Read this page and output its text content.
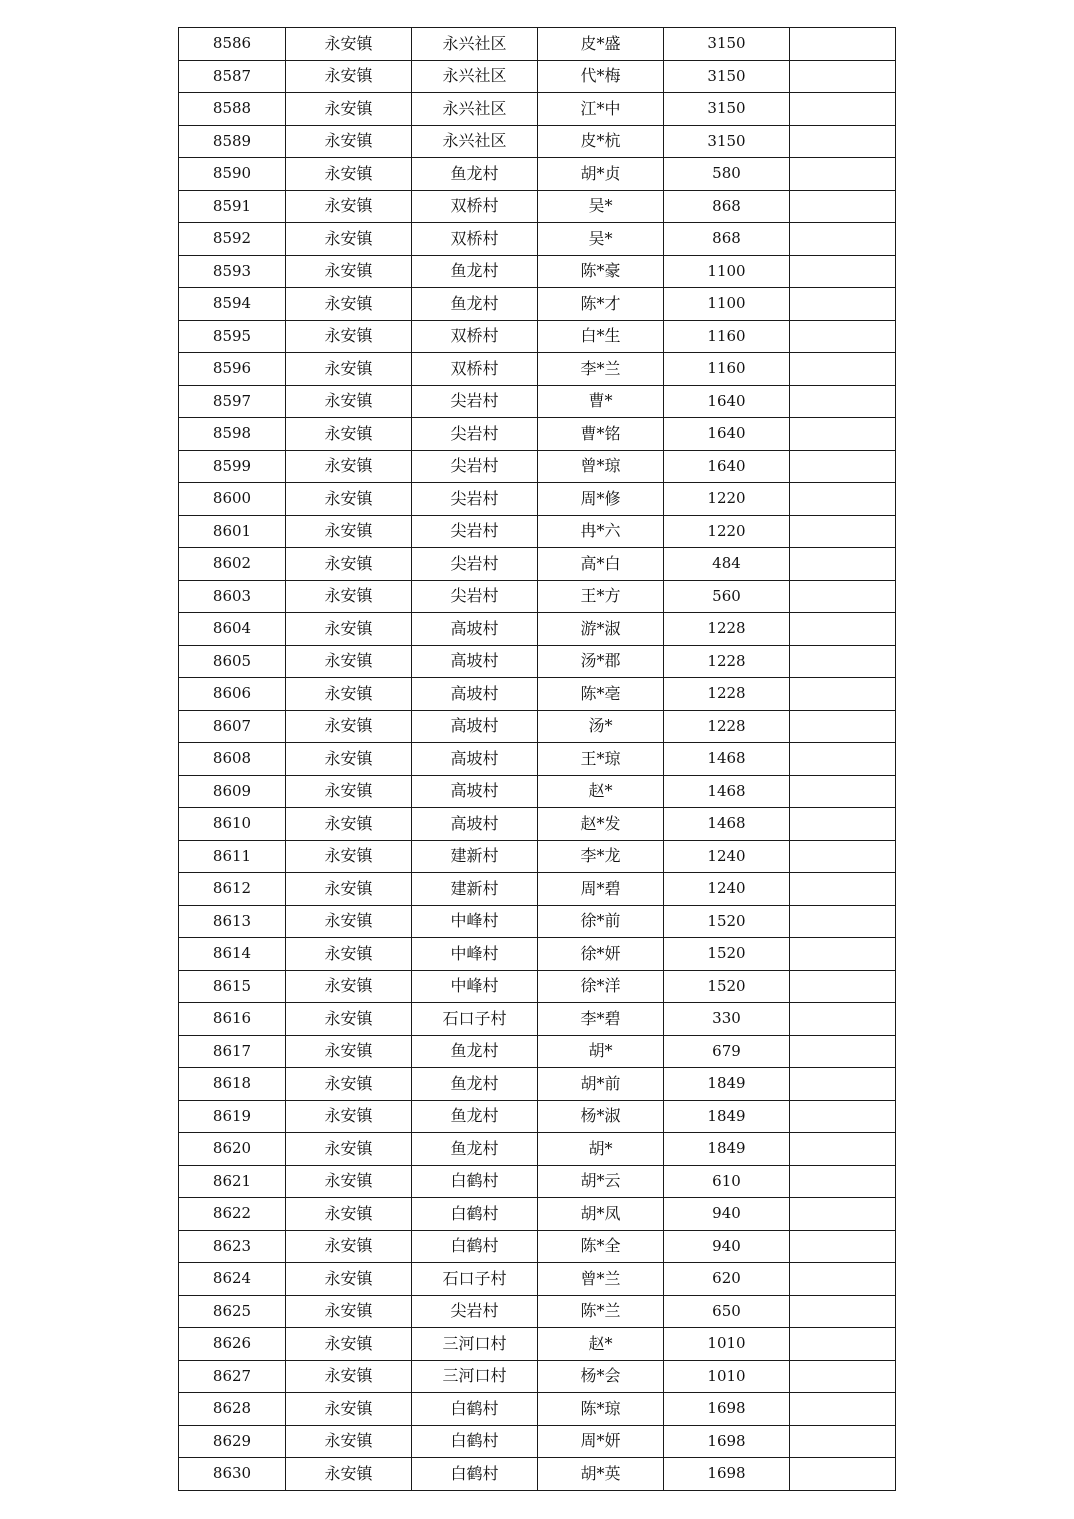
8586	永安镇	永兴社区	皮*盛	3150	
8587	永安镇	永兴社区	代*梅	3150	
8588	永安镇	永兴社区	江*中	3150	
8589	永安镇	永兴社区	皮*杭	3150	
8590	永安镇	鱼龙村	胡*贞	580	
8591	永安镇	双桥村	吴*	868	
8592	永安镇	双桥村	吴*	868	
8593	永安镇	鱼龙村	陈*豪	1100	
8594	永安镇	鱼龙村	陈*才	1100	
8595	永安镇	双桥村	白*生	1160	
8596	永安镇	双桥村	李*兰	1160	
8597	永安镇	尖岩村	曹*	1640	
8598	永安镇	尖岩村	曹*铭	1640	
8599	永安镇	尖岩村	曾*琼	1640	
8600	永安镇	尖岩村	周*修	1220	
8601	永安镇	尖岩村	冉*六	1220	
8602	永安镇	尖岩村	高*白	484	
8603	永安镇	尖岩村	王*方	560	
8604	永安镇	高坡村	游*淑	1228	
8605	永安镇	高坡村	汤*郡	1228	
8606	永安镇	高坡村	陈*亳	1228	
8607	永安镇	高坡村	汤*	1228	
8608	永安镇	高坡村	王*琼	1468	
8609	永安镇	高坡村	赵*	1468	
8610	永安镇	高坡村	赵*发	1468	
8611	永安镇	建新村	李*龙	1240	
8612	永安镇	建新村	周*碧	1240	
8613	永安镇	中峰村	徐*前	1520	
8614	永安镇	中峰村	徐*妍	1520	
8615	永安镇	中峰村	徐*洋	1520	
8616	永安镇	石口子村	李*碧	330	
8617	永安镇	鱼龙村	胡*	679	
8618	永安镇	鱼龙村	胡*前	1849	
8619	永安镇	鱼龙村	杨*淑	1849	
8620	永安镇	鱼龙村	胡*	1849	
8621	永安镇	白鹤村	胡*云	610	
8622	永安镇	白鹤村	胡*凤	940	
8623	永安镇	白鹤村	陈*全	940	
8624	永安镇	石口子村	曾*兰	620	
8625	永安镇	尖岩村	陈*兰	650	
8626	永安镇	三河口村	赵*	1010	
8627	永安镇	三河口村	杨*会	1010	
8628	永安镇	白鹤村	陈*琼	1698	
8629	永安镇	白鹤村	周*妍	1698	
8630	永安镇	白鹤村	胡*英	1698	
